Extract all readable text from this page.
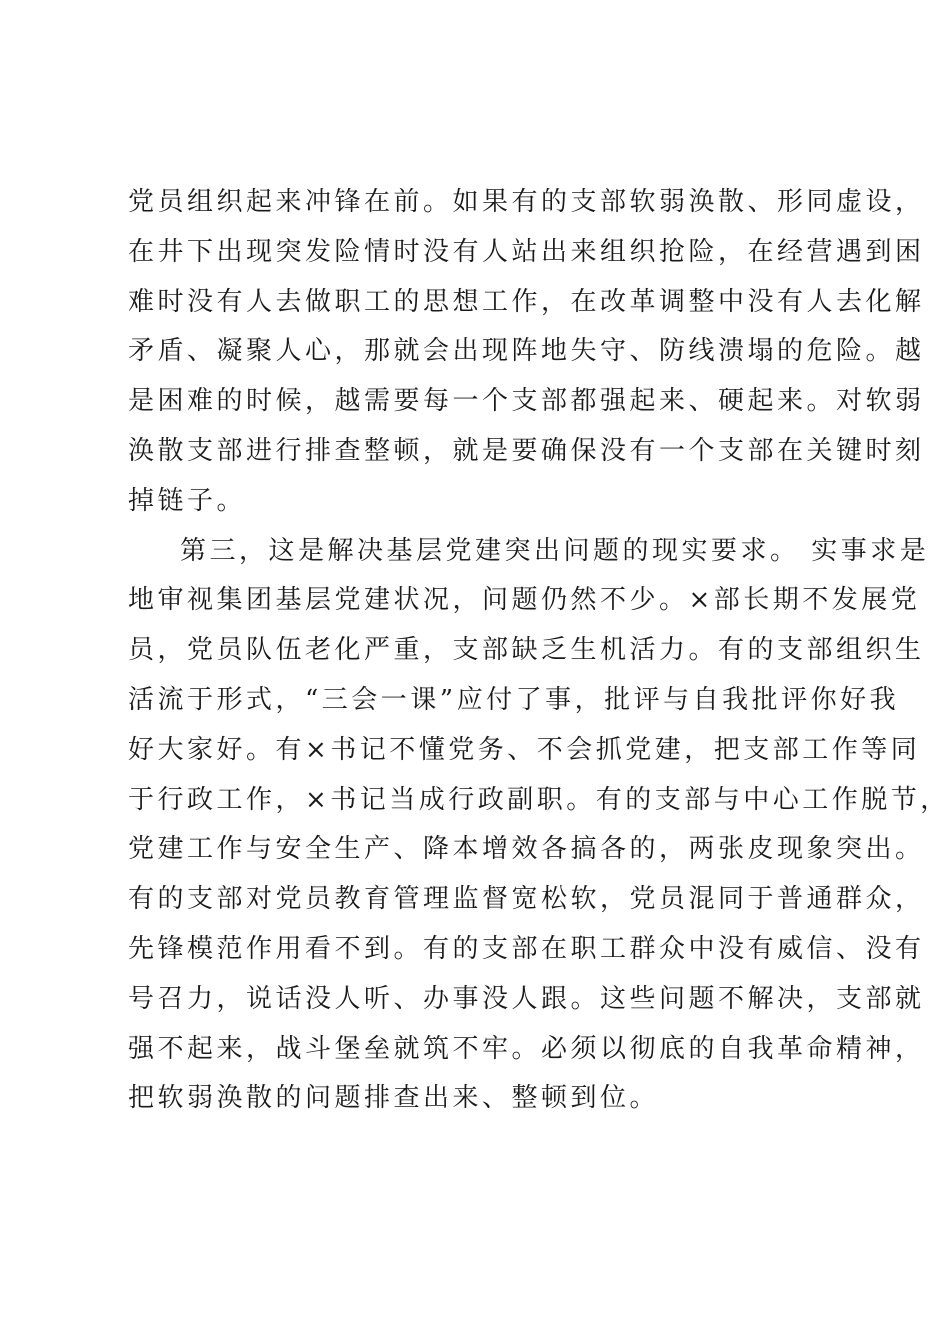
党员组织起来冲锋在前。如果有的支部软弱涣散、形同虚设，
在井下出现突发险情时没有人站出来组织抢险，在经营遇到困
难时没有人去做职工的思想工作，在改革调整中没有人去化解
矛盾、凝聚人心，那就会出现阵地失守、防线溃塌的危险。越
是困难的时候，越需要每一个支部都强起来、硬起来。对软弱
涣散支部进行排查整顿，就是要确保没有一个支部在关键时刻
掉链子。
第三，这是解决基层党建突出问题的现实要求。 实事求是
地审视集团基层党建状况，问题仍然不少。×部长期不发展党
员，党员队伍老化严重，支部缺乏生机活力。有的支部组织生
活流于形式，“三会一课”应付了事，批评与自我批评你好我
好大家好。有×书记不懂党务、不会抓党建，把支部工作等同
于行政工作，×书记当成行政副职。有的支部与中心工作脱节，
党建工作与安全生产、降本增效各搞各的，两张皮现象突出。
有的支部对党员教育管理监督宽松软，党员混同于普通群众，
先锋模范作用看不到。有的支部在职工群众中没有威信、没有
号召力，说话没人听、办事没人跟。这些问题不解决，支部就
强不起来，战斗堡垒就筑不牢。必须以彻底的自我革命精神，
把软弱涣散的问题排查出来、整顿到位。
